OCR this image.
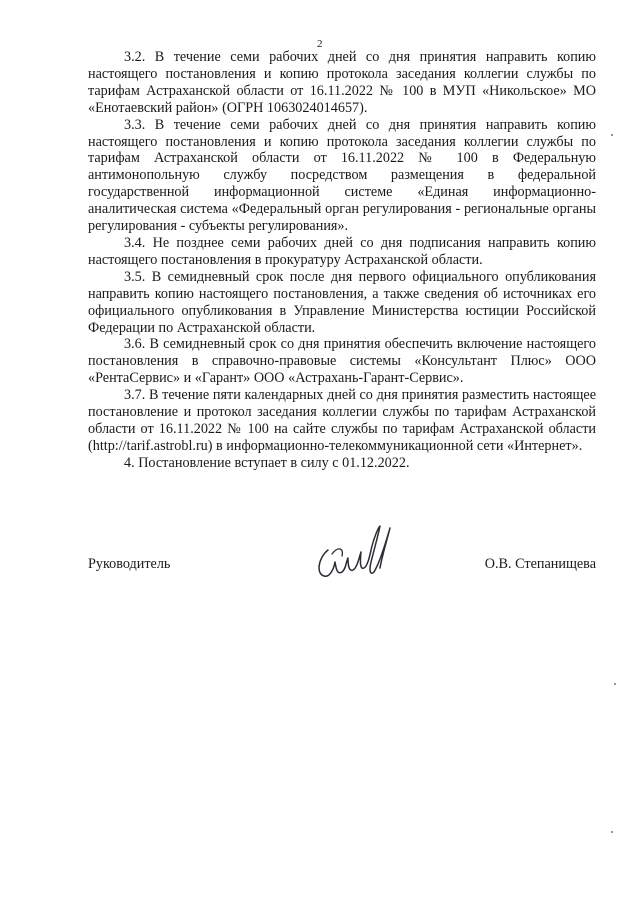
2

3.2. В течение семи рабочих дней со дня принятия направить копию настоящего постановления и копию протокола заседания коллегии службы по тарифам Астраханской области от 16.11.2022 № 100 в МУП «Никольское» МО «Енотаевский район» (ОГРН 1063024014657).

3.3. В течение семи рабочих дней со дня принятия направить копию настоящего постановления и копию протокола заседания коллегии службы по тарифам Астраханской области от 16.11.2022 № 100 в Федеральную антимонопольную службу посредством размещения в федеральной государственной информационной системе «Единая информационно-аналитическая система «Федеральный орган регулирования - региональные органы регулирования - субъекты регулирования».

3.4. Не позднее семи рабочих дней со дня подписания направить копию настоящего постановления в прокуратуру Астраханской области.

3.5. В семидневный срок после дня первого официального опубликования направить копию настоящего постановления, а также сведения об источниках его официального опубликования в Управление Министерства юстиции Российской Федерации по Астраханской области.

3.6. В семидневный срок со дня принятия обеспечить включение настоящего постановления в справочно-правовые системы «Консультант Плюс» ООО «РентаСервис» и «Гарант» ООО «Астрахань-Гарант-Сервис».

3.7. В течение пяти календарных дней со дня принятия разместить настоящее постановление и протокол заседания коллегии службы по тарифам Астраханской области от 16.11.2022 № 100 на сайте службы по тарифам Астраханской области (http://tarif.astrobl.ru) в информационно-телекоммуникационной сети «Интернет».

4. Постановление вступает в силу с 01.12.2022.

Руководитель	О.В. Степанищева
